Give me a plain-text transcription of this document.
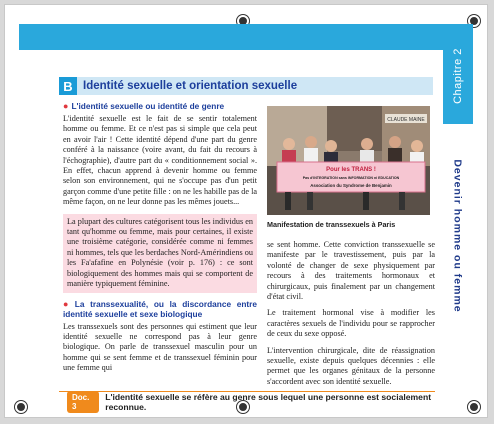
Chapitre 2
Devenir homme ou femme
B Identité sexuelle et orientation sexuelle
● L'identité sexuelle ou identité de genre

L'identité sexuelle est le fait de se sentir totalement homme ou femme. Et ce n'est pas si simple que cela peut en avoir l'air ! Cette identité dépend d'une part du genre conféré à la naissance (voire avant, du fait du recours à l'échographie), d'autre part du « conditionnement social ». En effet, chacun apprend à devenir homme ou femme selon son environnement, qui ne s'occupe pas d'un petit garçon comme d'une petite fille : on ne les habille pas de la même façon, on ne leur donne pas les mêmes jouets...

La plupart des cultures catégorisent tous les individus en tant qu'homme ou femme, mais pour certaines, il existe une troisième catégorie, considérée comme ni femmes ni hommes, tels que les berdaches Nord-Amérindiens ou les Fa'afafine en Polynésie (voir p. 176) : ce sont biologiquement des hommes mais qui se comportent de manière typiquement féminine.

● La transsexualité, ou la discordance entre identité sexuelle et sexe biologique

Les transsexuels sont des personnes qui estiment que leur identité sexuelle ne correspond pas à leur genre biologique. On parle de transsexuel masculin pour un homme qui se sent femme et de transsexuel féminin pour une femme qui

CLAUDE MAINE
Pour les TRANS !
Pas d'INTEGRATION sans INFORMATION ni EDUCATION
Association du Syndrome de Benjamin
Manifestation de transsexuels à Paris

se sent homme. Cette conviction transsexuelle se manifeste par le travestissement, puis par la volonté de changer de sexe physiquement par recours à des traitements hormonaux et chirurgicaux, puis finalement par un changement d'état civil.

Le traitement hormonal vise à modifier les caractères sexuels de l'individu pour se rapprocher de ceux du sexe opposé.

L'intervention chirurgicale, dite de réassignation sexuelle, existe depuis quelques décennies : elle permet que les organes génitaux de la personne s'accordent avec son identité sexuelle.

Doc. 3
L'identité sexuelle se réfère au genre sous lequel une personne est socialement reconnue.
